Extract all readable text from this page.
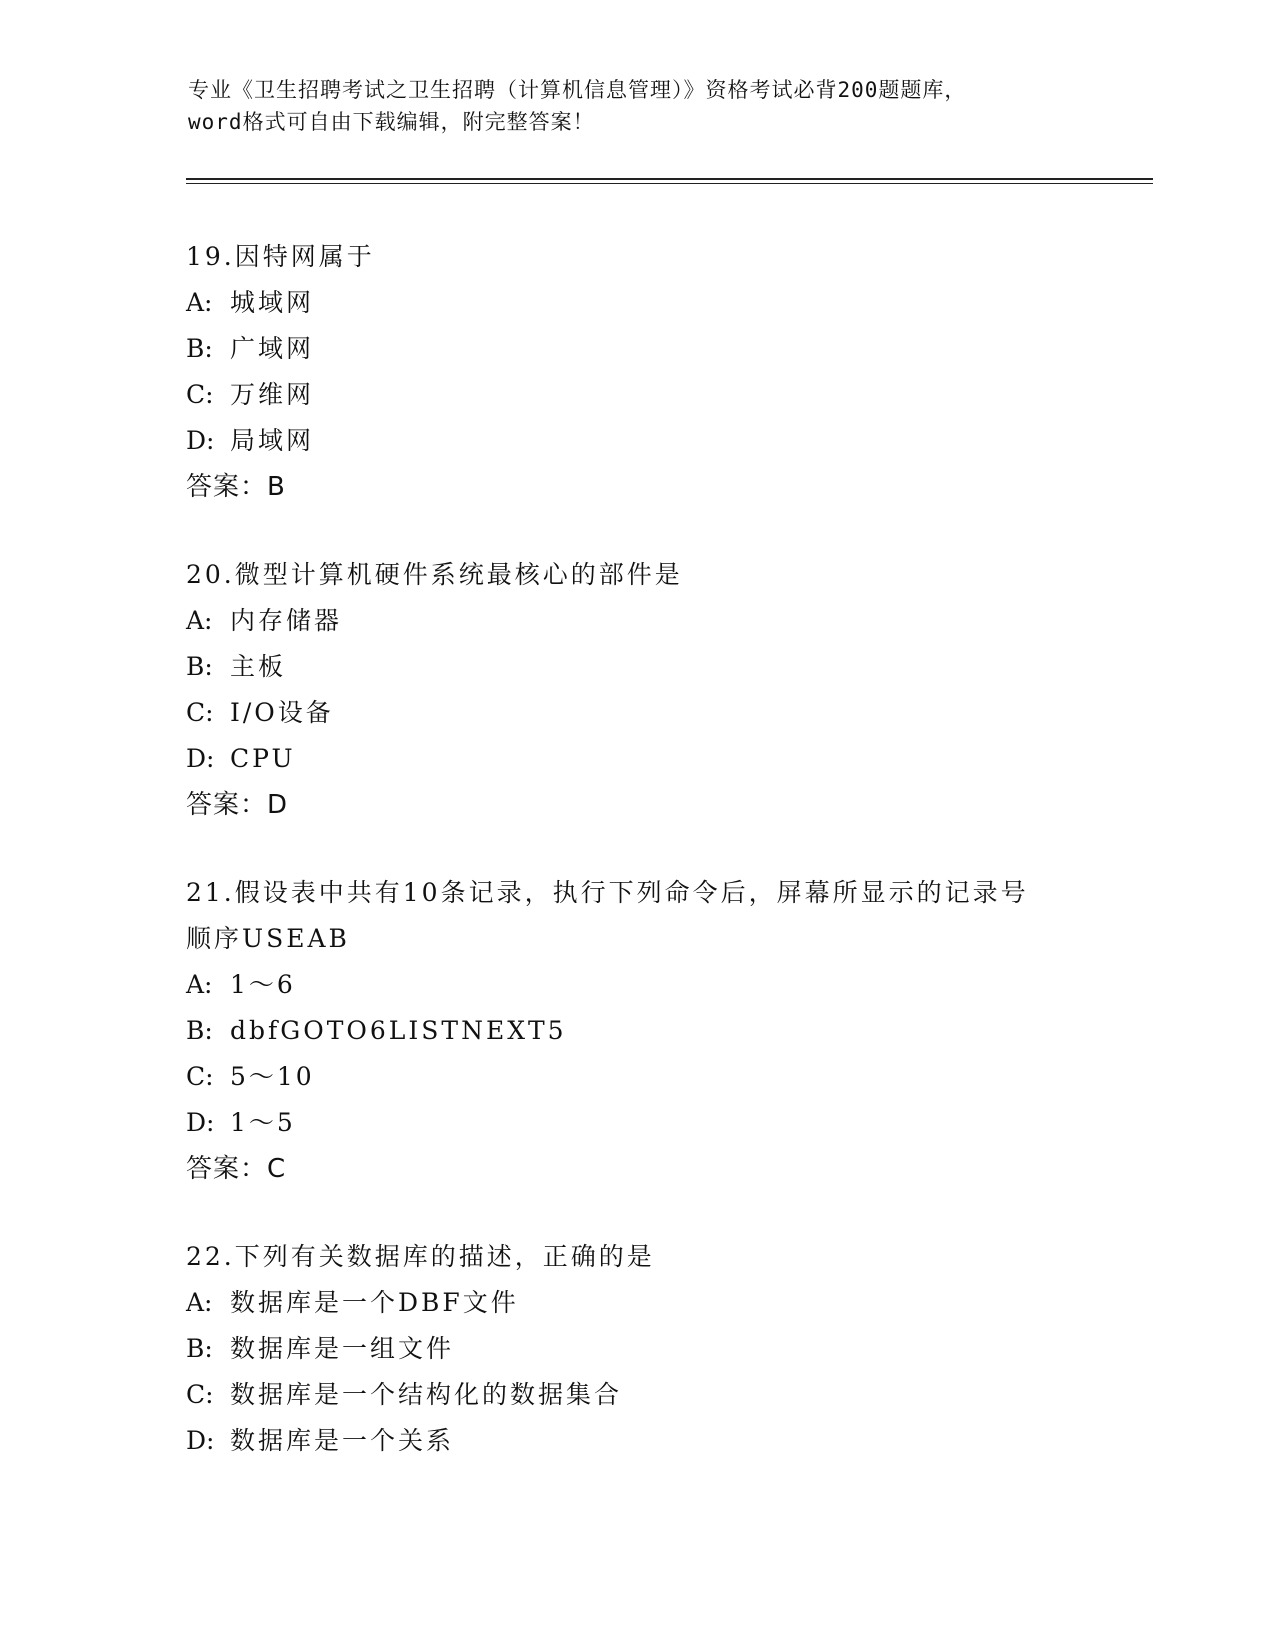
专业《卫生招聘考试之卫生招聘（计算机信息管理）》资格考试必背200题题库，
word格式可自由下载编辑，附完整答案！
19.因特网属于
A: 城域网
B: 广域网
C: 万维网
D: 局域网
答案：B
20.微型计算机硬件系统最核心的部件是
A: 内存储器
B: 主板
C: I/O设备
D: CPU
答案：D
21.假设表中共有10条记录，执行下列命令后，屏幕所显示的记录号
顺序USEAB
A: 1～6
B: dbfGOTO6LISTNEXT5
C: 5～10
D: 1～5
答案：C
22.下列有关数据库的描述，正确的是
A: 数据库是一个DBF文件
B: 数据库是一组文件
C: 数据库是一个结构化的数据集合
D: 数据库是一个关系
